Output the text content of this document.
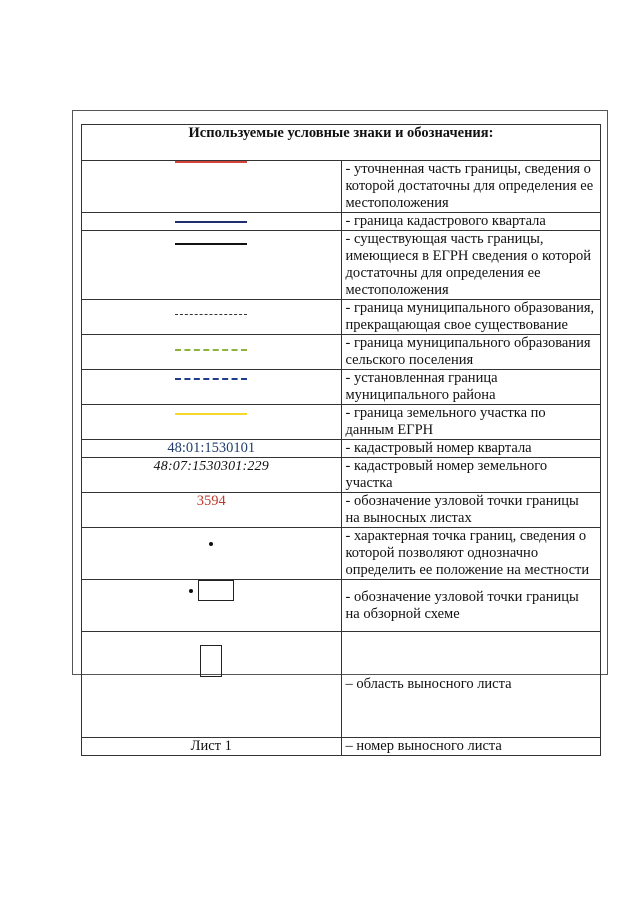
Используемые условные знаки и обозначения:	
	- уточненная часть границы, сведения о которой достаточны для определения ее местоположения
	- граница кадастрового квартала
	- существующая часть границы, имеющиеся в ЕГРН сведения о которой достаточны для определения ее местоположения
	- граница муниципального образования, прекращающая свое существование
	- граница муниципального образования сельского поселения
	- установленная граница муниципального района
	- граница земельного участка по данным ЕГРН

48:01:1530101	- кадастровый номер квартала

48:07:1530301:229	- кадастровый номер земельного участка

3594	- обозначение узловой точки границы на выносных листах
	- характерная точка границ, сведения о которой позволяют однозначно определить ее положение на местности
	- обозначение узловой точки границы на обзорной схеме
	– область выносного листа

Лист 1	– номер выносного листа
